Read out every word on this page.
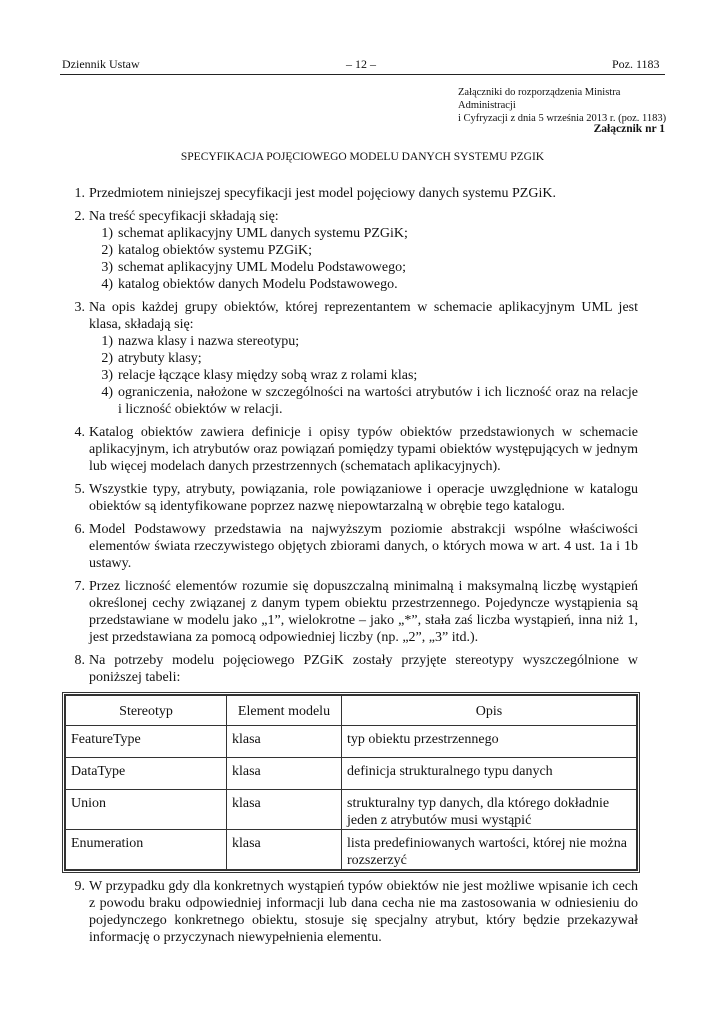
Dziennik Ustaw	– 12 –	Poz. 1183
Załączniki do rozporządzenia Ministra Administracji
i Cyfryzacji z dnia 5 września 2013 r. (poz. 1183)
Załącznik nr 1
SPECYFIKACJA POJĘCIOWEGO MODELU DANYCH SYSTEMU PZGIK
1. Przedmiotem niniejszej specyfikacji jest model pojęciowy danych systemu PZGiK.
2. Na treść specyfikacji składają się:
1) schemat aplikacyjny UML danych systemu PZGiK;
2) katalog obiektów systemu PZGiK;
3) schemat aplikacyjny UML Modelu Podstawowego;
4) katalog obiektów danych Modelu Podstawowego.
3. Na opis każdej grupy obiektów, której reprezentantem w schemacie aplikacyjnym UML jest klasa, składają się:
1) nazwa klasy i nazwa stereotypu;
2) atrybuty klasy;
3) relacje łączące klasy między sobą wraz z rolami klas;
4) ograniczenia, nałożone w szczególności na wartości atrybutów i ich liczność oraz na relacje i liczność obiektów w relacji.
4. Katalog obiektów zawiera definicje i opisy typów obiektów przedstawionych w schemacie aplikacyjnym, ich atrybutów oraz powiązań pomiędzy typami obiektów występujących w jednym lub więcej modelach danych przestrzennych (schematach aplikacyjnych).
5. Wszystkie typy, atrybuty, powiązania, role powiązaniowe i operacje uwzględnione w katalogu obiektów są identyfikowane poprzez nazwę niepowtarzalną w obrębie tego katalogu.
6. Model Podstawowy przedstawia na najwyższym poziomie abstrakcji wspólne właściwości elementów świata rzeczywistego objętych zbiorami danych, o których mowa w art. 4 ust. 1a i 1b ustawy.
7. Przez liczność elementów rozumie się dopuszczalną minimalną i maksymalną liczbę wystąpień określonej cechy związanej z danym typem obiektu przestrzennego. Pojedyncze wystąpienia są przedstawiane w modelu jako „1”, wielokrotne – jako „*”, stała zaś liczba wystąpień, inna niż 1, jest przedstawiana za pomocą odpowiedniej liczby (np. „2”, „3” itd.).
8. Na potrzeby modelu pojęciowego PZGiK zostały przyjęte stereotypy wyszczególnione w poniższej tabeli:
Stereotyp	Element modelu	Opis
FeatureType	klasa	typ obiektu przestrzennego
DataType	klasa	definicja strukturalnego typu danych
Union	klasa	strukturalny typ danych, dla którego dokładnie jeden z atrybutów musi wystąpić
Enumeration	klasa	lista predefiniowanych wartości, której nie można rozszerzyć
9. W przypadku gdy dla konkretnych wystąpień typów obiektów nie jest możliwe wpisanie ich cech z powodu braku odpowiedniej informacji lub dana cecha nie ma zastosowania w odniesieniu do pojedynczego konkretnego obiektu, stosuje się specjalny atrybut, który będzie przekazywał informację o przyczynach niewypełnienia elementu.
